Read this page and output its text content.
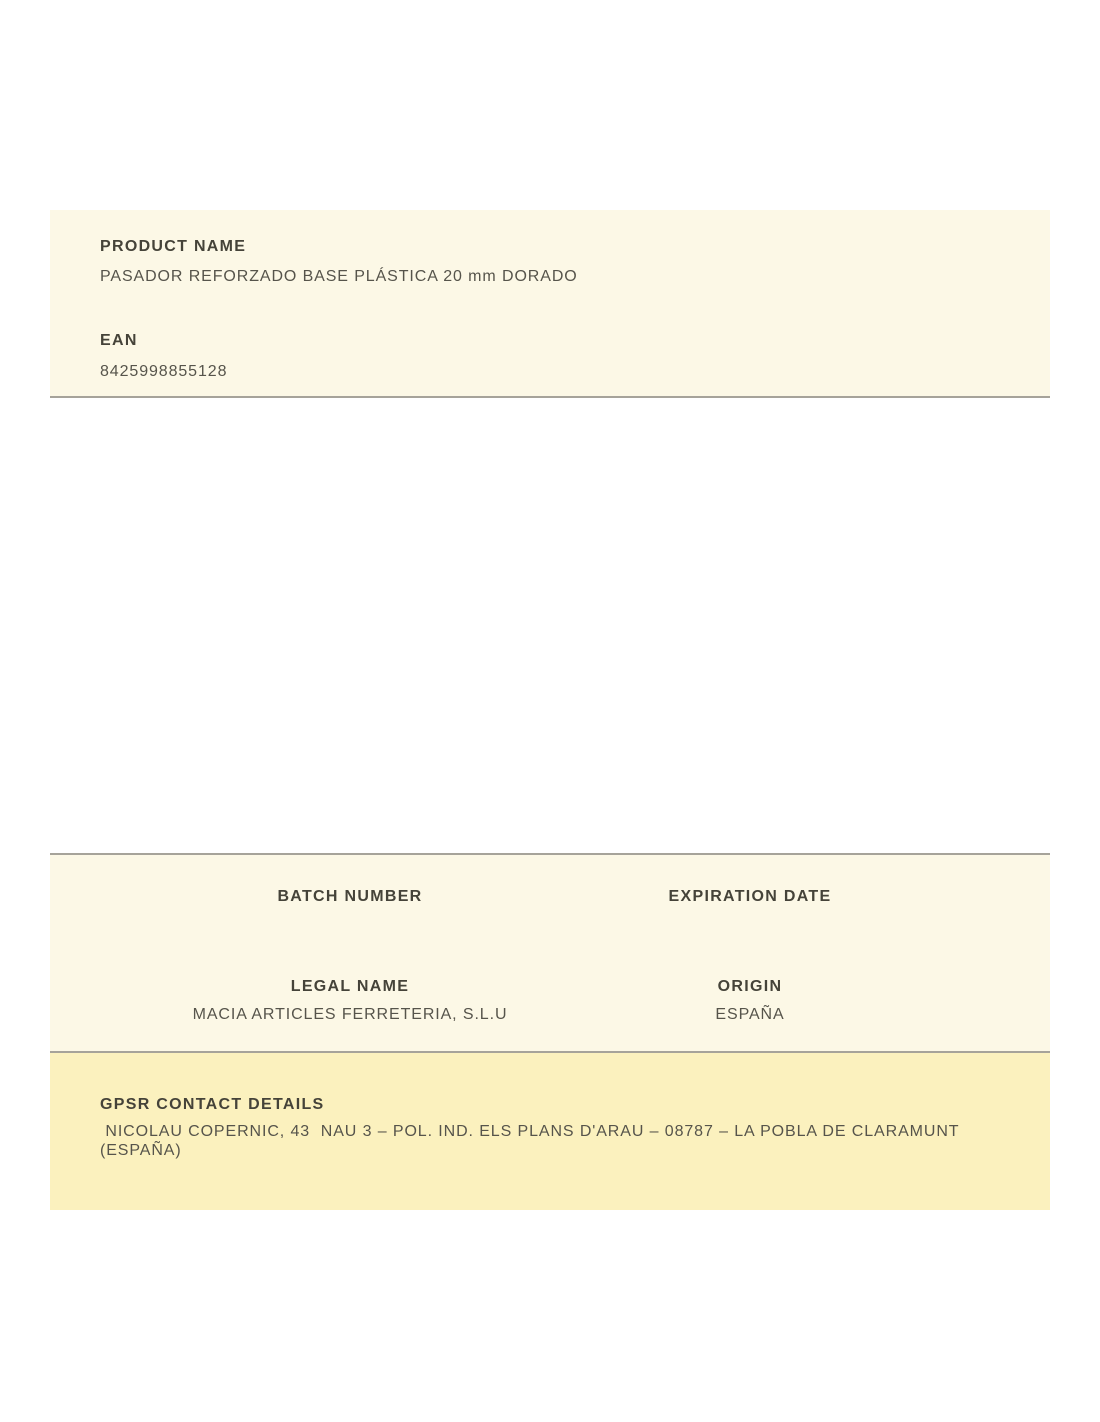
PRODUCT NAME
PASADOR REFORZADO BASE PLÁSTICA 20 mm DORADO
EAN
8425998855128
BATCH NUMBER	EXPIRATION DATE
LEGAL NAME
MACIA ARTICLES FERRETERIA, S.L.U
ORIGIN
ESPAÑA
GPSR CONTACT DETAILS
NICOLAU COPERNIC, 43  NAU 3 – POL. IND. ELS PLANS D'ARAU – 08787 – LA POBLA DE CLARAMUNT (ESPAÑA)
